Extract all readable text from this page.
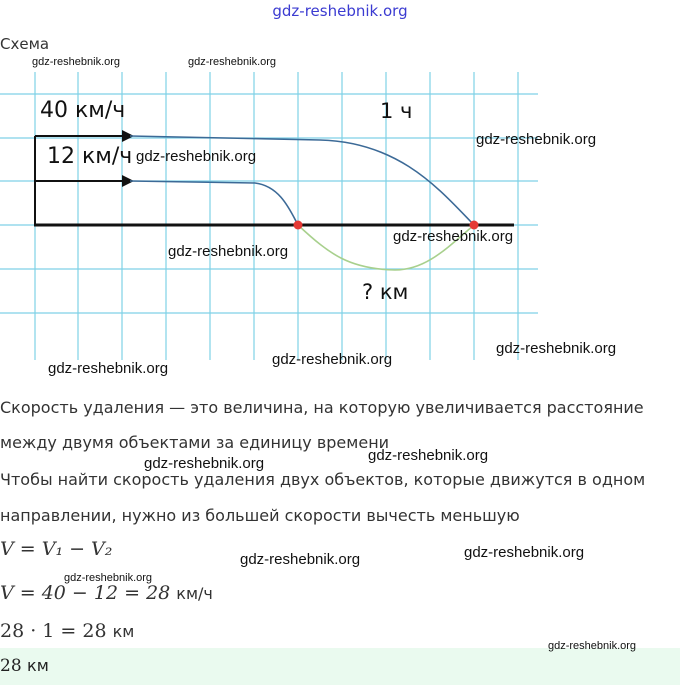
gdz-reshebnik.org
Схема
40 км/ч
12 км/ч
1 ч
? км
Скорость удаления — это величина, на которую увеличивается расстояние
между двумя объектами за единицу времени
Чтобы найти скорость удаления двух объектов, которые движутся в одном
направлении, нужно из большей скорости вычесть меньшую
V = V₁ − V₂
V = 40 − 12 = 28 км/ч
28 · 1 = 28 км
28 км
gdz-reshebnik.org	gdz-reshebnik.org
gdz-reshebnik.org
gdz-reshebnik.org
gdz-reshebnik.org
gdz-reshebnik.org
gdz-reshebnik.org
gdz-reshebnik.org
gdz-reshebnik.org
gdz-reshebnik.org	gdz-reshebnik.org
gdz-reshebnik.org	gdz-reshebnik.org
gdz-reshebnik.org
gdz-reshebnik.org
